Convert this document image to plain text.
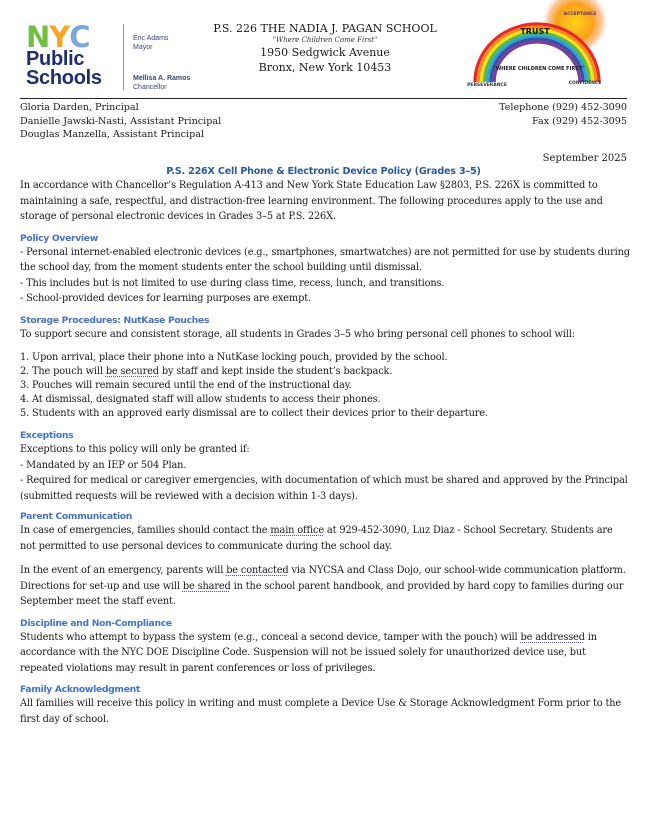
N Y C
Public
Schools
Eric Adams
Mayor
Mellisa A. Ramos
Chancellor
P.S. 226 THE NADIA J. PAGAN SCHOOL
"Where Children Come First"
1950 Sedgwick Avenue
Bronx, New York 10453	"WHERE CHILDREN COME FIRST"
TRUST
ACCEPTANCE
PERSEVERANCE	CONFIDENCE
Gloria Darden, Principal
Danielle Jawski-Nasti, Assistant Principal
Douglas Manzella, Assistant Principal
Telephone (929) 452-3090
Fax (929) 452-3095
September 2025
P.S. 226X Cell Phone & Electronic Device Policy (Grades 3–5)

In accordance with Chancellor’s Regulation A-413 and New York State Education Law §2803, P.S. 226X is committed to maintaining a safe, respectful, and distraction-free learning environment. The following procedures apply to the use and storage of personal electronic devices in Grades 3–5 at P.S. 226X.

Policy Overview

- Personal internet-enabled electronic devices (e.g., smartphones, smartwatches) are not permitted for use by students during the school day, from the moment students enter the school building until dismissal.

- This includes but is not limited to use during class time, recess, lunch, and transitions.

- School-provided devices for learning purposes are exempt.

Storage Procedures: NutKase Pouches

To support secure and consistent storage, all students in Grades 3–5 who bring personal cell phones to school will:

1. Upon arrival, place their phone into a NutKase locking pouch, provided by the school.
2. The pouch will be secured by staff and kept inside the student’s backpack.
3. Pouches will remain secured until the end of the instructional day.
4. At dismissal, designated staff will allow students to access their phones.
5. Students with an approved early dismissal are to collect their devices prior to their departure.
Exceptions

Exceptions to this policy will only be granted if:

- Mandated by an IEP or 504 Plan.

- Required for medical or caregiver emergencies, with documentation of which must be shared and approved by the Principal (submitted requests will be reviewed with a decision within 1-3 days).

Parent Communication

In case of emergencies, families should contact the main office at 929-452-3090, Luz Diaz - School Secretary. Students are not permitted to use personal devices to communicate during the school day.

In the event of an emergency, parents will be contacted via NYCSA and Class Dojo, our school-wide communication platform. Directions for set-up and use will be shared in the school parent handbook, and provided by hard copy to families during our September meet the staff event.

Discipline and Non-Compliance

Students who attempt to bypass the system (e.g., conceal a second device, tamper with the pouch) will be addressed in accordance with the NYC DOE Discipline Code. Suspension will not be issued solely for unauthorized device use, but repeated violations may result in parent conferences or loss of privileges.

Family Acknowledgment

All families will receive this policy in writing and must complete a Device Use & Storage Acknowledgment Form prior to the first day of school.
